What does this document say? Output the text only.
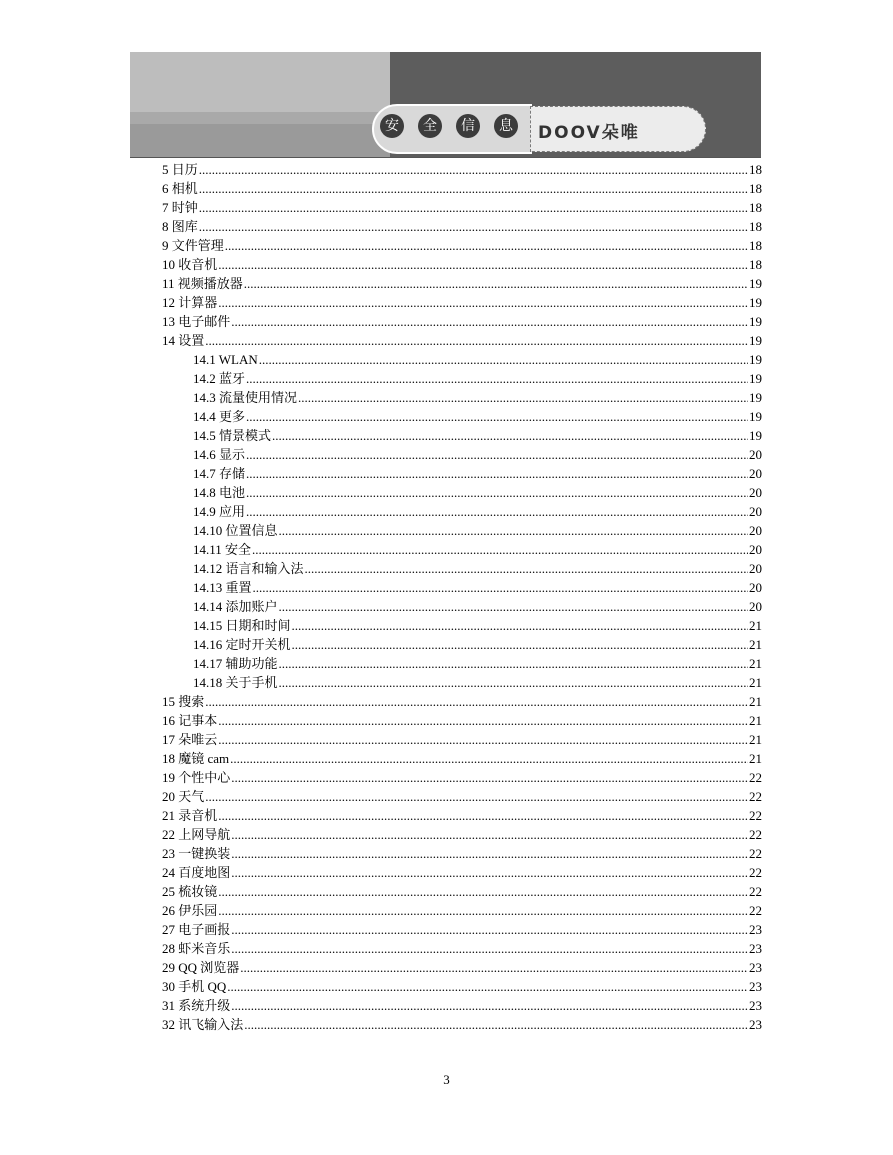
安	全	信	息 DOOV朵唯
5 日历 .....	18
6 相机 .....	18
7 时钟 .....	18
8 图库 .....	18
9 文件管理 .....	18
10 收音机 .....	18
11 视频播放器 .....	19
12 计算器 .....	19
13 电子邮件 .....	19
14 设置 .....	19
14.1 WLAN .....	19
14.2 蓝牙 .....	19
14.3 流量使用情况 .....	19
14.4 更多 .....	19
14.5 情景模式 .....	19
14.6 显示 .....	20
14.7 存储 .....	20
14.8 电池 .....	20
14.9 应用 .....	20
14.10 位置信息 .....	20
14.11 安全 .....	20
14.12 语言和输入法 .....	20
14.13 重置 .....	20
14.14 添加账户 .....	20
14.15 日期和时间 .....	21
14.16 定时开关机 .....	21
14.17 辅助功能 .....	21
14.18 关于手机 .....	21
15 搜索 .....	21
16 记事本 .....	21
17 朵唯云 .....	21
18 魔镜 cam .....	21
19 个性中心 .....	22
20 天气 .....	22
21 录音机 .....	22
22 上网导航 .....	22
23 一键换装 .....	22
24 百度地图 .....	22
25 梳妆镜 .....	22
26 伊乐园 .....	22
27 电子画报 .....	23
28 虾米音乐 .....	23
29 QQ 浏览器 .....	23
30 手机 QQ .....	23
31 系统升级 .....	23
32 讯飞输入法 .....	23
3
